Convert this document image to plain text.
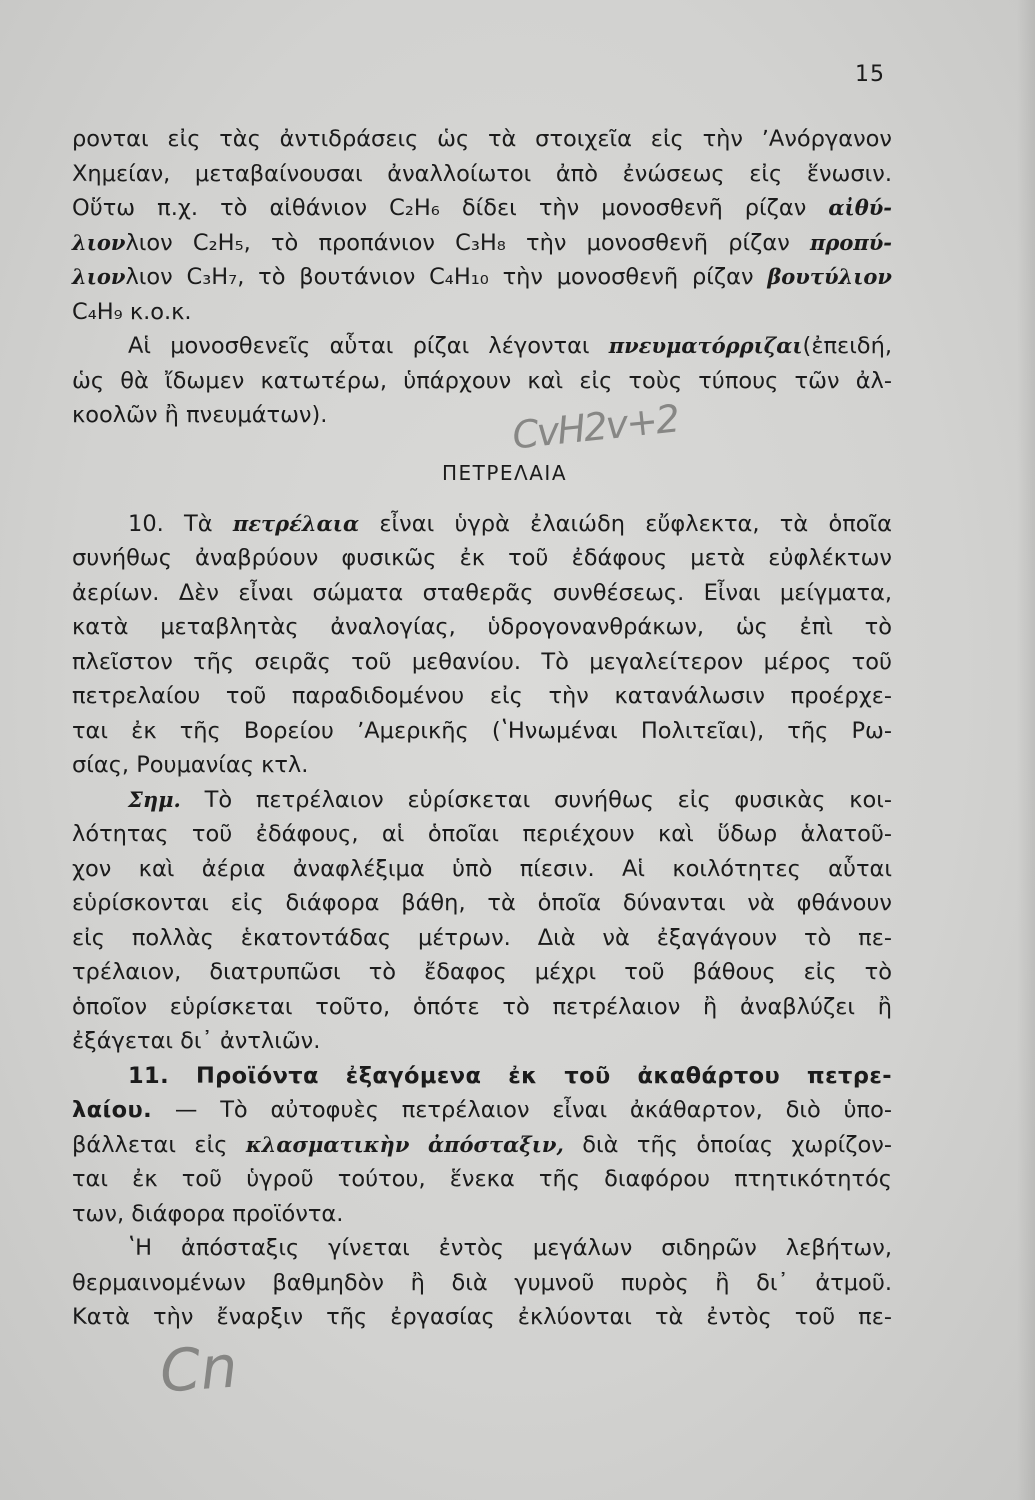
15
ρονται εἰς τὰς ἀντιδράσεις ὡς τὰ στοιχεῖα εἰς τὴν ʼΑνόργανον
Χημείαν, μεταβαίνουσαι ἀναλλοίωτοι ἀπὸ ἐνώσεως εἰς ἕνωσιν.
Οὕτω π.χ. τὸ αἰθάνιον C₂H₆ δίδει τὴν μονοσθενῆ ρίζαν αἰθύ-
λιονλιον C₂H₅, τὸ προπάνιον C₃H₈ τὴν μονοσθενῆ ρίζαν προπύ-
λιονλιον C₃H₇, τὸ βουτάνιον C₄H₁₀ τὴν μονοσθενῆ ρίζαν βουτύλιον
C₄H₉ κ.ο.κ.
Αἱ μονοσθενεῖς αὗται ρίζαι λέγονται πνευματόρριζαι(ἐπειδή,
ὡς θὰ ἴδωμεν κατωτέρω, ὑπάρχουν καὶ εἰς τοὺς τύπους τῶν ἀλ-
κοολῶν ἢ πνευμάτων).
ΠΕΤΡΕΛΑΙΑ
10. Τὰ πετρέλαια εἶναι ὑγρὰ ἐλαιώδη εὔφλεκτα, τὰ ὁποῖα
συνήθως ἀναβρύουν φυσικῶς ἐκ τοῦ ἐδάφους μετὰ εὐφλέκτων
ἀερίων. Δὲν εἶναι σώματα σταθερᾶς συνθέσεως. Εἶναι μείγματα,
κατὰ μεταβλητὰς ἀναλογίας, ὑδρογονανθράκων, ὡς ἐπὶ τὸ
πλεῖστον τῆς σειρᾶς τοῦ μεθανίου. Τὸ μεγαλείτερον μέρος τοῦ
πετρελαίου τοῦ παραδιδομένου εἰς τὴν κατανάλωσιν προέρχε-
ται ἐκ τῆς Βορείου ʼΑμερικῆς (ʽΗνωμέναι Πολιτεῖαι), τῆς Ρω-
σίας, Ρουμανίας κτλ.
Σημ. Τὸ πετρέλαιον εὑρίσκεται συνήθως εἰς φυσικὰς κοι-
λότητας τοῦ ἐδάφους, αἱ ὁποῖαι περιέχουν καὶ ὕδωρ ἁλατοῦ-
χον καὶ ἀέρια ἀναφλέξιμα ὑπὸ πίεσιν. Αἱ κοιλότητες αὗται
εὑρίσκονται εἰς διάφορα βάθη, τὰ ὁποῖα δύνανται νὰ φθάνουν
εἰς πολλὰς ἑκατοντάδας μέτρων. Διὰ νὰ ἐξαγάγουν τὸ πε-
τρέλαιον, διατρυπῶσι τὸ ἔδαφος μέχρι τοῦ βάθους εἰς τὸ
ὁποῖον εὑρίσκεται τοῦτο, ὁπότε τὸ πετρέλαιον ἢ ἀναβλύζει ἢ
ἐξάγεται δι᾿ ἀντλιῶν.
11. Προϊόντα ἐξαγόμενα ἐκ τοῦ ἀκαθάρτου πετρε-
λαίου. — Τὸ αὐτοφυὲς πετρέλαιον εἶναι ἀκάθαρτον, διὸ ὑπο-
βάλλεται εἰς κλασματικὴν ἀπόσταξιν, διὰ τῆς ὁποίας χωρίζον-
ται ἐκ τοῦ ὑγροῦ τούτου, ἕνεκα τῆς διαφόρου πτητικότητός
των, διάφορα προϊόντα.
ʽΗ ἀπόσταξις γίνεται ἐντὸς μεγάλων σιδηρῶν λεβήτων,
θερμαινομένων βαθμηδὸν ἢ διὰ γυμνοῦ πυρὸς ἢ δι᾿ ἀτμοῦ.
Κατὰ τὴν ἔναρξιν τῆς ἐργασίας ἐκλύονται τὰ ἐντὸς τοῦ πε-
CvH2v+2
Cn
